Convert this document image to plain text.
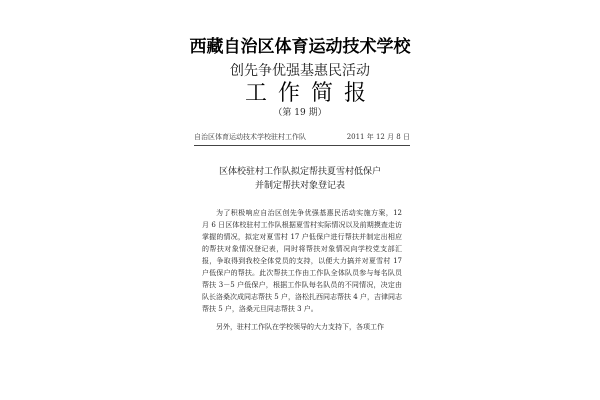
西藏自治区体育运动技术学校
创先争优强基惠民活动
工作简报
（第 19 期）
自治区体育运动技术学校驻村工作队	2011 年 12 月 8 日
区体校驻村工作队拟定帮扶夏雪村低保户
并制定帮扶对象登记表

为了积极响应自治区创先争优强基惠民活动实施方案，12 月 6 日区体校驻村工作队根据夏雪村实际情况以及前期摸查走访掌握的情况，拟定对夏雪村 17 户低保户进行帮扶并制定出相应的帮扶对象情况登记表，同时将帮扶对象情况向学校党支部汇报，争取得到我校全体党员的支持，以便大力搞并对夏雪村 17 户低保户的帮扶。此次帮扶工作由工作队全体队员参与每名队员帮扶 3－5 户低保户，根据工作队每名队员的不同情况，决定由队长洛桑次成同志帮扶 5 户，洛松扎西同志帮扶 4 户，吉律同志帮扶 5 户，洛桑元旦同志帮扶 3 户。

另外，驻村工作队在学校领导的大力支持下，各项工作
